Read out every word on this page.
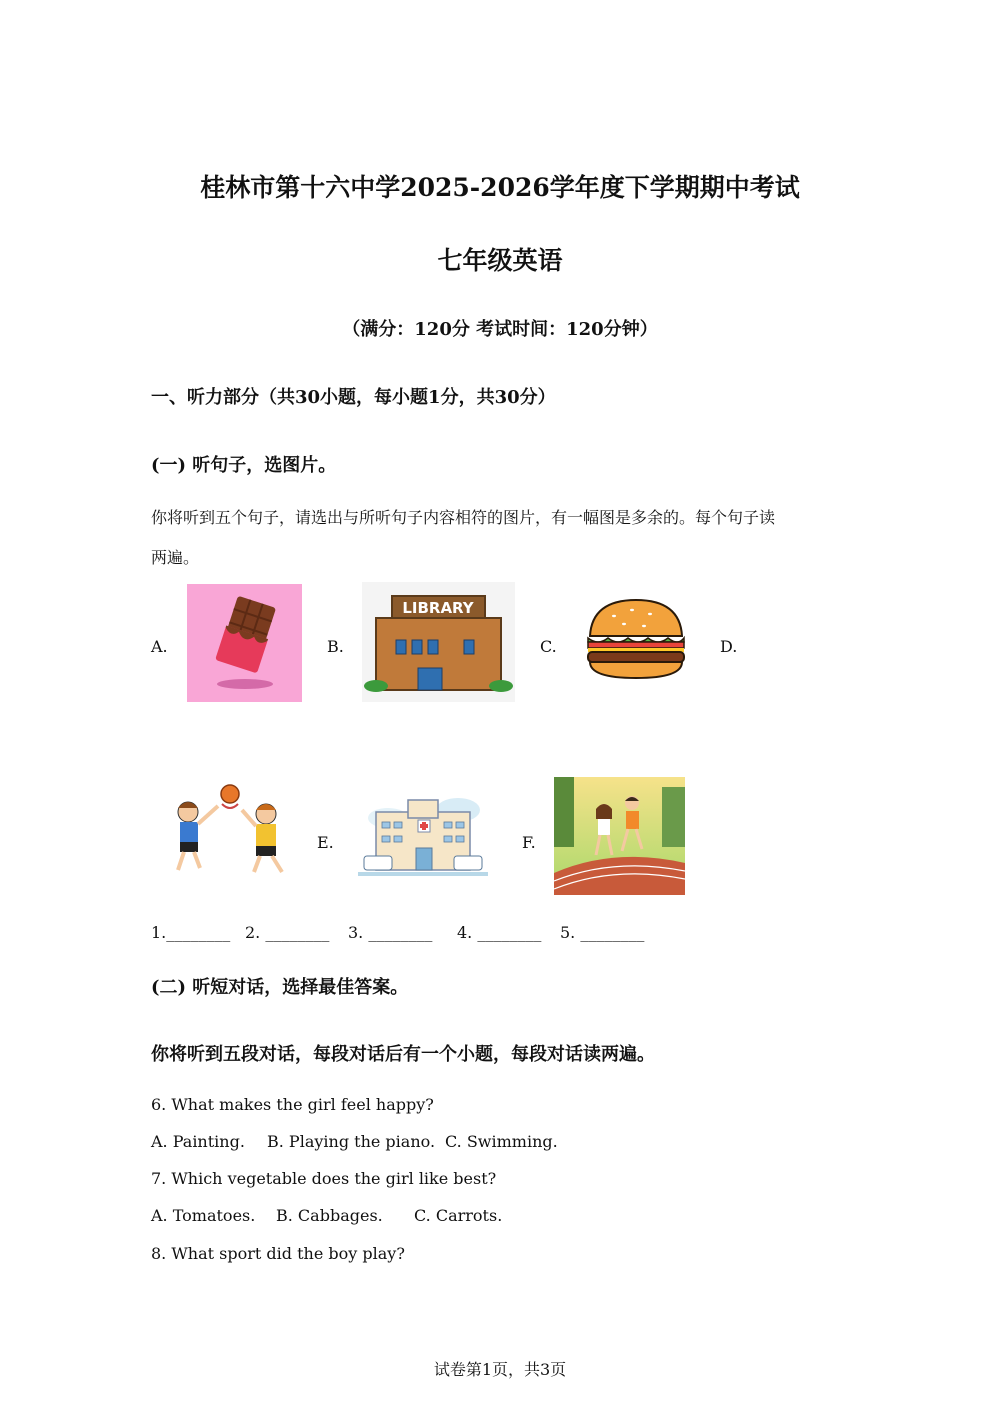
桂林市第十六中学2025-2026学年度下学期期中考试
七年级英语
（满分：120分 考试时间：120分钟）
一、听力部分（共30小题，每小题1分，共30分）
(一) 听句子，选图片。
你将听到五个句子，请选出与所听句子内容相符的图片，有一幅图是多余的。每个句子读
两遍。
A.	B.	C.	D.
LIBRARY
E.	F.
1.________ 2. ________ 3. ________ 4. ________ 5. ________
(二) 听短对话，选择最佳答案。
你将听到五段对话，每段对话后有一个小题，每段对话读两遍。
6. What makes the girl feel happy?
A. Painting. B. Playing the piano. C. Swimming.
7. Which vegetable does the girl like best?
A. Tomatoes. B. Cabbages. C. Carrots.
8. What sport did the boy play?
试卷第1页，共3页
